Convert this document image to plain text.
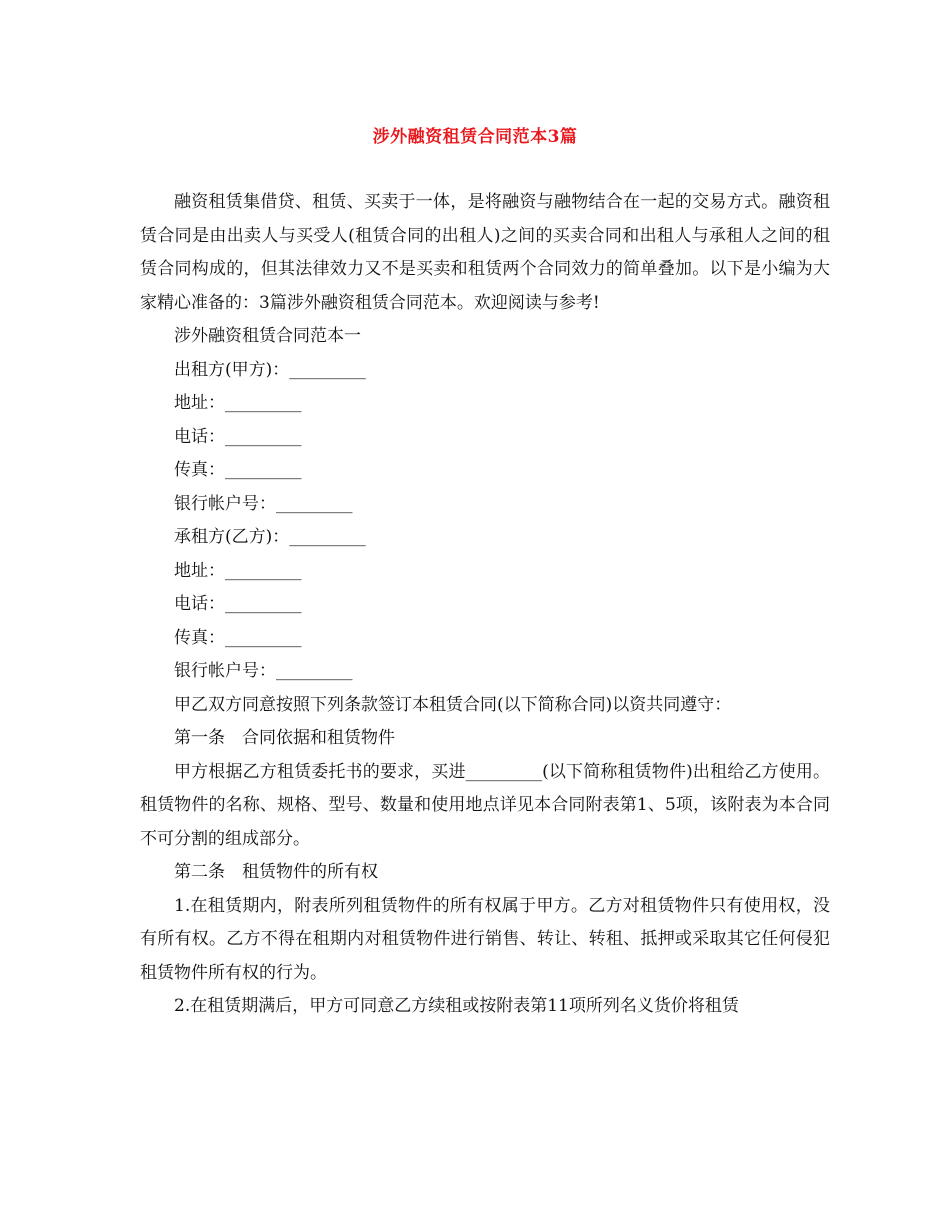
涉外融资租赁合同范本3篇

融资租赁集借贷、租赁、买卖于一体，是将融资与融物结合在一起的交易方式。融资租赁合同是由出卖人与买受人(租赁合同的出租人)之间的买卖合同和出租人与承租人之间的租赁合同构成的，但其法律效力又不是买卖和租赁两个合同效力的简单叠加。以下是小编为大家精心准备的：3篇涉外融资租赁合同范本。欢迎阅读与参考!

涉外融资租赁合同范本一

出租方(甲方)：_________

地址：_________

电话：_________

传真：_________

银行帐户号：_________

承租方(乙方)：_________

地址：_________

电话：_________

传真：_________

银行帐户号：_________

甲乙双方同意按照下列条款签订本租赁合同(以下简称合同)以资共同遵守：

第一条　合同依据和租赁物件

甲方根据乙方租赁委托书的要求，买进_________(以下简称租赁物件)出租给乙方使用。租赁物件的名称、规格、型号、数量和使用地点详见本合同附表第1、5项，该附表为本合同不可分割的组成部分。

第二条　租赁物件的所有权

1.在租赁期内，附表所列租赁物件的所有权属于甲方。乙方对租赁物件只有使用权，没有所有权。乙方不得在租期内对租赁物件进行销售、转让、转租、抵押或采取其它任何侵犯租赁物件所有权的行为。

2.在租赁期满后，甲方可同意乙方续租或按附表第11项所列名义货价将租赁
